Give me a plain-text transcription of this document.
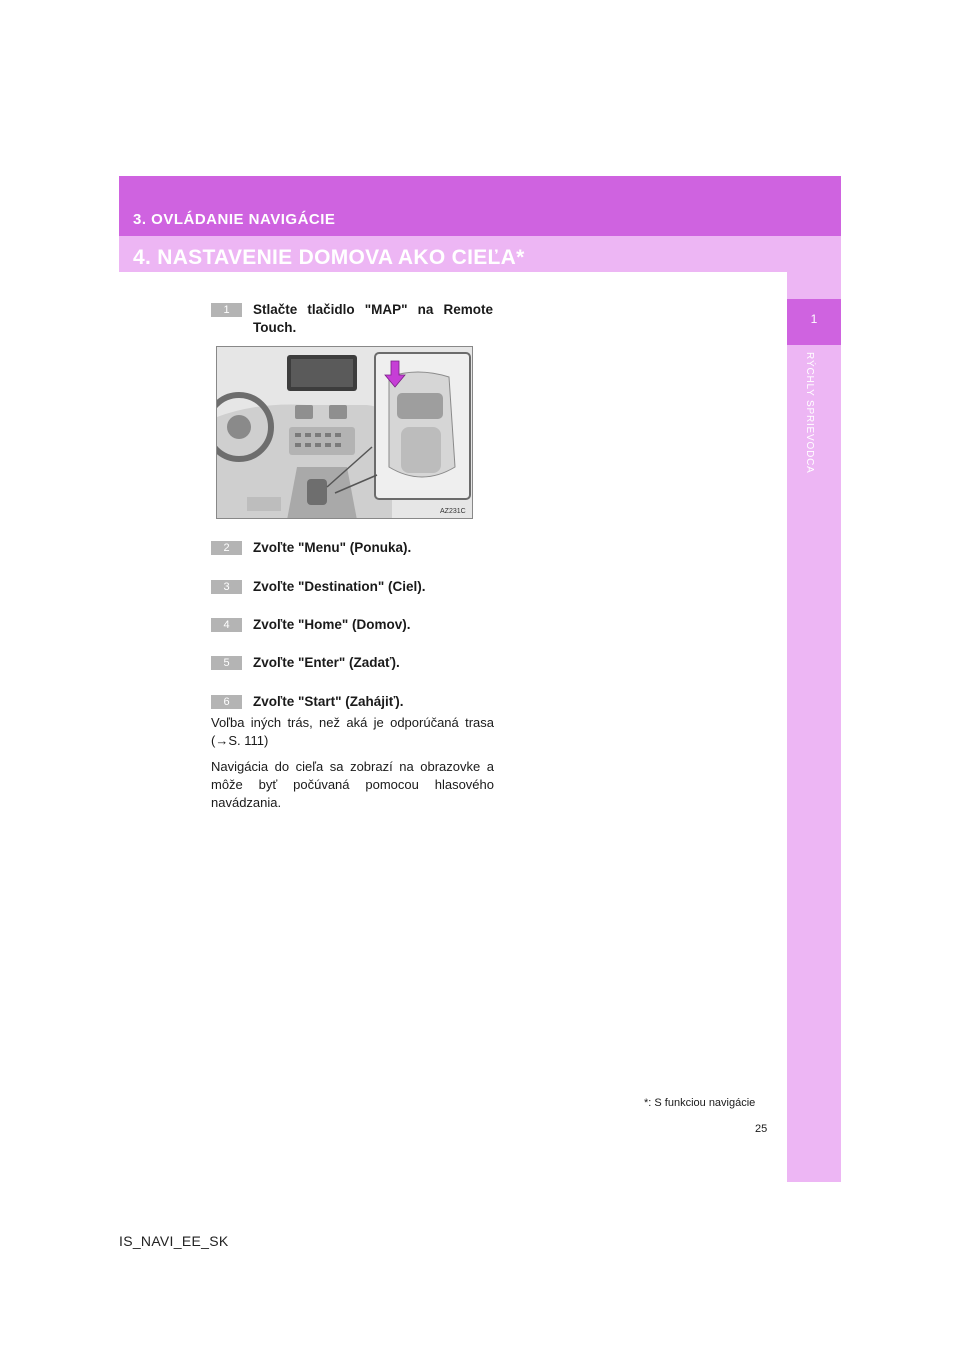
3. OVLÁDANIE NAVIGÁCIE
4. NASTAVENIE DOMOVA AKO CIEĽA*
1
RÝCHLY SPRIEVODCA
1	Stlačte tlačidlo "MAP" na Remote Touch.
AZ231C
2	Zvoľte "Menu" (Ponuka).
3	Zvoľte "Destination" (Ciel).
4	Zvoľte "Home" (Domov).
5	Zvoľte "Enter" (Zadať).
6	Zvoľte "Start" (Zahájiť).
Voľba iných trás, než aká je odporúčaná trasa (→S. 111)
Navigácia do cieľa sa zobrazí na obrazovke a môže byť počúvaná pomocou hlasového navádzania.
*: S funkciou navigácie
25
IS_NAVI_EE_SK
